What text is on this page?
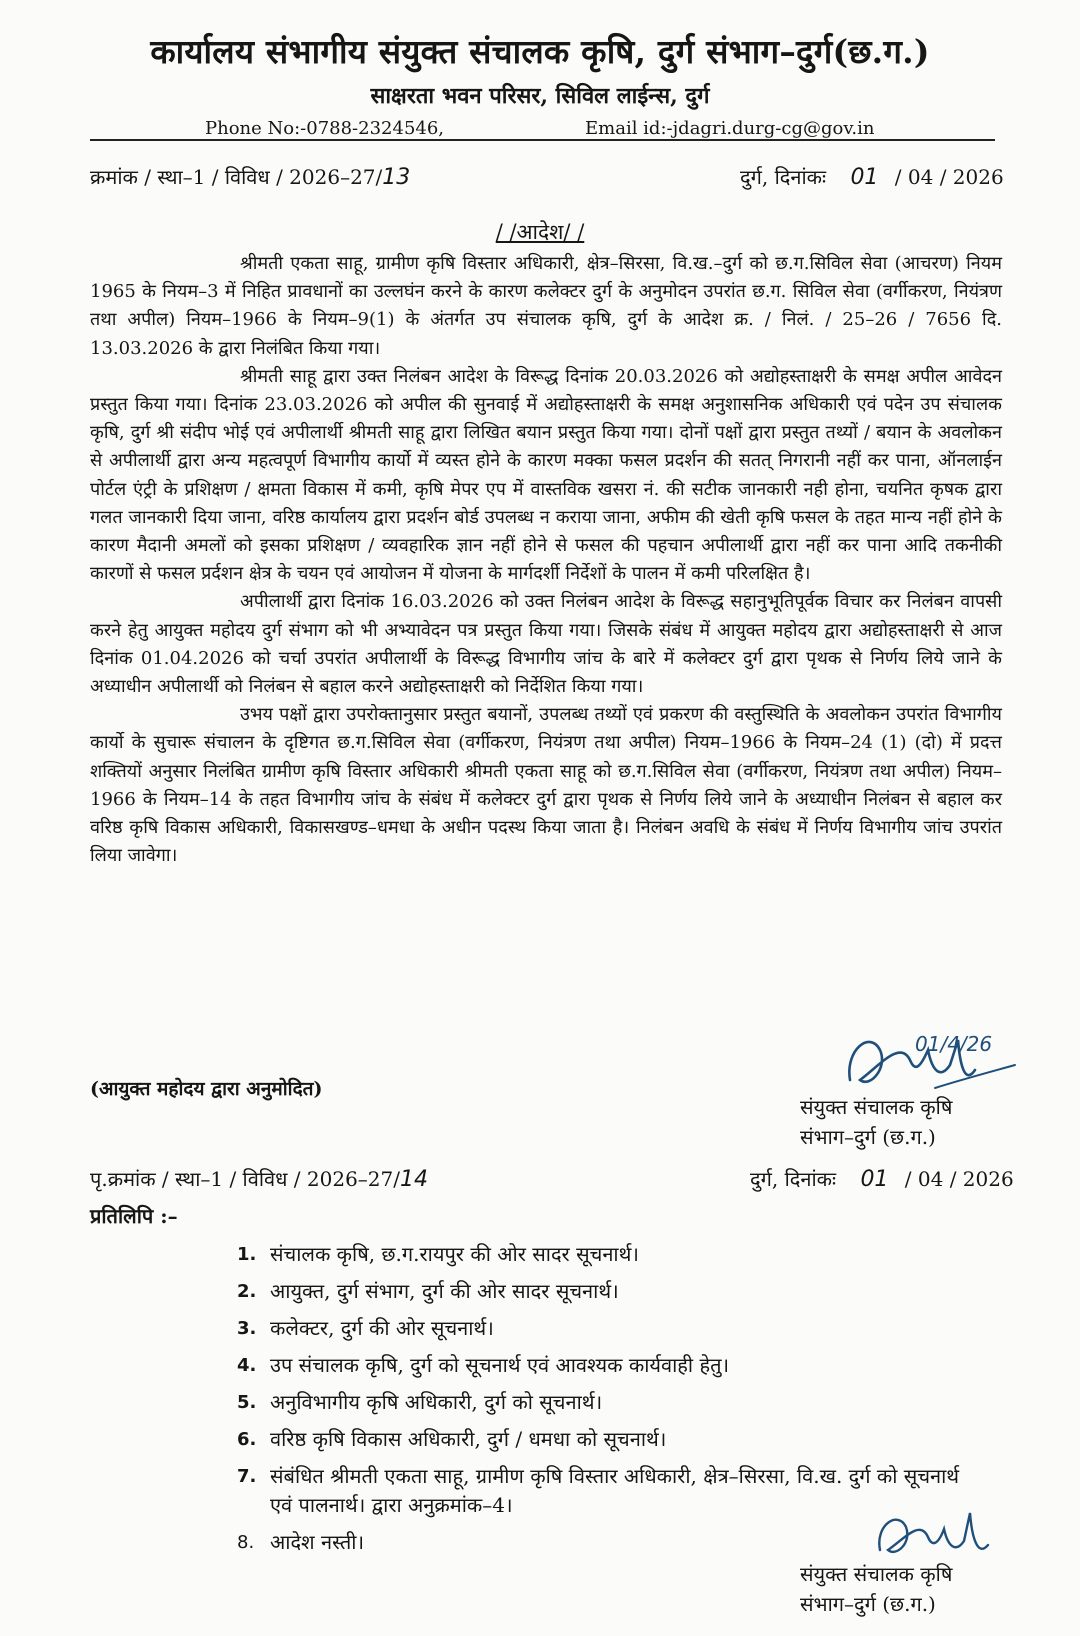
कार्यालय संभागीय संयुक्त संचालक कृषि, दुर्ग संभाग–दुर्ग(छ.ग.)
साक्षरता भवन परिसर, सिविल लाईन्स, दुर्ग
Phone No:-0788-2324546,	Email id:-jdagri.durg-cg@gov.in
क्रमांक / स्था–1 / विविध / 2026–27/13	दुर्ग, दिनांकः 01 / 04 / 2026
/ /आदेश/ /

श्रीमती एकता साहू, ग्रामीण कृषि विस्तार अधिकारी, क्षेत्र–सिरसा, वि.ख.–दुर्ग को छ.ग.सिविल सेवा (आचरण) नियम 1965 के नियम–3 में निहित प्रावधानों का उल्लघंन करने के कारण कलेक्टर दुर्ग के अनुमोदन उपरांत छ.ग. सिविल सेवा (वर्गीकरण, नियंत्रण तथा अपील) नियम–1966 के नियम–9(1) के अंतर्गत उप संचालक कृषि, दुर्ग के आदेश क्र. / निलं. / 25–26 / 7656 दि. 13.03.2026 के द्वारा निलंबित किया गया।

श्रीमती साहू द्वारा उक्त निलंबन आदेश के विरूद्ध दिनांक 20.03.2026 को अद्योहस्ताक्षरी के समक्ष अपील आवेदन प्रस्तुत किया गया। दिनांक 23.03.2026 को अपील की सुनवाई में अद्योहस्ताक्षरी के समक्ष अनुशासनिक अधिकारी एवं पदेन उप संचालक कृषि, दुर्ग श्री संदीप भोई एवं अपीलार्थी श्रीमती साहू द्वारा लिखित बयान प्रस्तुत किया गया। दोनों पक्षों द्वारा प्रस्तुत तथ्यों / बयान के अवलोकन से अपीलार्थी द्वारा अन्य महत्वपूर्ण विभागीय कार्यो में व्यस्त होने के कारण मक्का फसल प्रदर्शन की सतत् निगरानी नहीं कर पाना, ऑनलाईन पोर्टल एंट्री के प्रशिक्षण / क्षमता विकास में कमी, कृषि मेपर एप में वास्तविक खसरा नं. की सटीक जानकारी नही होना, चयनित कृषक द्वारा गलत जानकारी दिया जाना, वरिष्ठ कार्यालय द्वारा प्रदर्शन बोर्ड उपलब्ध न कराया जाना, अफीम की खेती कृषि फसल के तहत मान्य नहीं होने के कारण मैदानी अमलों को इसका प्रशिक्षण / व्यवहारिक ज्ञान नहीं होने से फसल की पहचान अपीलार्थी द्वारा नहीं कर पाना आदि तकनीकी कारणों से फसल प्रर्दशन क्षेत्र के चयन एवं आयोजन में योजना के मार्गदर्शी निर्देशों के पालन में कमी परिलक्षित है।

अपीलार्थी द्वारा दिनांक 16.03.2026 को उक्त निलंबन आदेश के विरूद्ध सहानुभूतिपूर्वक विचार कर निलंबन वापसी करने हेतु आयुक्त महोदय दुर्ग संभाग को भी अभ्यावेदन पत्र प्रस्तुत किया गया। जिसके संबंध में आयुक्त महोदय द्वारा अद्योहस्ताक्षरी से आज दिनांक 01.04.2026 को चर्चा उपरांत अपीलार्थी के विरूद्ध विभागीय जांच के बारे में कलेक्टर दुर्ग द्वारा पृथक से निर्णय लिये जाने के अध्याधीन अपीलार्थी को निलंबन से बहाल करने अद्योहस्ताक्षरी को निर्देशित किया गया।

उभय पक्षों द्वारा उपरोक्तानुसार प्रस्तुत बयानों, उपलब्ध तथ्यों एवं प्रकरण की वस्तुस्थिति के अवलोकन उपरांत विभागीय कार्यो के सुचारू संचालन के दृष्टिगत छ.ग.सिविल सेवा (वर्गीकरण, नियंत्रण तथा अपील) नियम–1966 के नियम–24 (1) (दो) में प्रदत्त शक्तियों अनुसार निलंबित ग्रामीण कृषि विस्तार अधिकारी श्रीमती एकता साहू को छ.ग.सिविल सेवा (वर्गीकरण, नियंत्रण तथा अपील) नियम–1966 के नियम–14 के तहत विभागीय जांच के संबंध में कलेक्टर दुर्ग द्वारा पृथक से निर्णय लिये जाने के अध्याधीन निलंबन से बहाल कर वरिष्ठ कृषि विकास अधिकारी, विकासखण्ड–धमधा के अधीन पदस्थ किया जाता है। निलंबन अवधि के संबंध में निर्णय विभागीय जांच उपरांत लिया जावेगा।

(आयुक्त महोदय द्वारा अनुमोदित)
01/4/26
संयुक्त संचालक कृषि
संभाग–दुर्ग (छ.ग.)
पृ.क्रमांक / स्था–1 / विविध / 2026–27/14	दुर्ग, दिनांकः 01 / 04 / 2026
प्रतिलिपि :–
1. संचालक कृषि, छ.ग.रायपुर की ओर सादर सूचनार्थ।
2. आयुक्त, दुर्ग संभाग, दुर्ग की ओर सादर सूचनार्थ।
3. कलेक्टर, दुर्ग की ओर सूचनार्थ।
4. उप संचालक कृषि, दुर्ग को सूचनार्थ एवं आवश्यक कार्यवाही हेतु।
5. अनुविभागीय कृषि अधिकारी, दुर्ग को सूचनार्थ।
6. वरिष्ठ कृषि विकास अधिकारी, दुर्ग / धमधा को सूचनार्थ।
7. संबंधित श्रीमती एकता साहू, ग्रामीण कृषि विस्तार अधिकारी, क्षेत्र–सिरसा, वि.ख. दुर्ग को सूचनार्थ एवं पालनार्थ। द्वारा अनुक्रमांक–4।
8. आदेश नस्ती।
संयुक्त संचालक कृषि
संभाग–दुर्ग (छ.ग.)
